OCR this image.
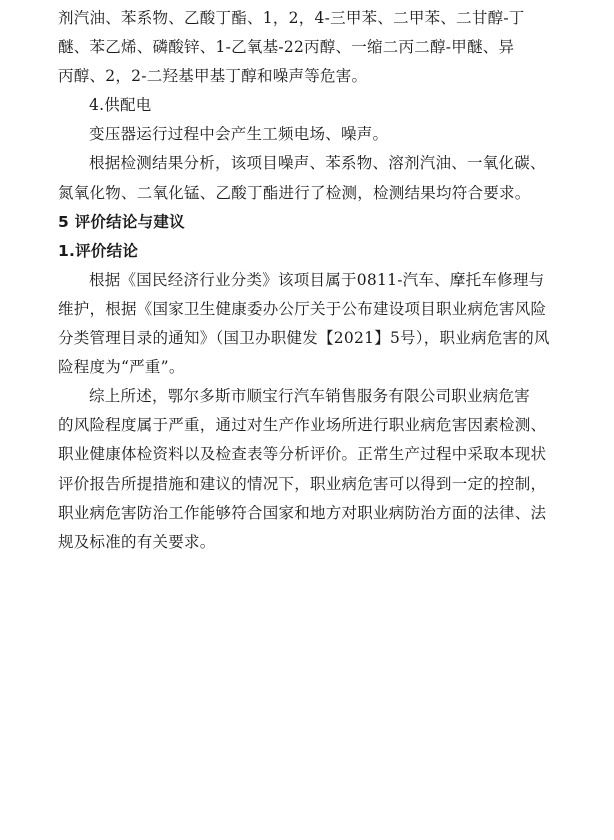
剂汽油、苯系物、乙酸丁酯、1，2，4-三甲苯、二甲苯、二甘醇-丁
醚、苯乙烯、磷酸锌、1-乙氧基-22丙醇、一缩二丙二醇-甲醚、异
丙醇、2，2-二羟基甲基丁醇和噪声等危害。
4.供配电
变压器运行过程中会产生工频电场、噪声。
根据检测结果分析，该项目噪声、苯系物、溶剂汽油、一氧化碳、
氮氧化物、二氧化锰、乙酸丁酯进行了检测，检测结果均符合要求。
5 评价结论与建议
1.评价结论
根据《国民经济行业分类》该项目属于0811-汽车、摩托车修理与
维护，根据《国家卫生健康委办公厅关于公布建设项目职业病危害风险
分类管理目录的通知》（国卫办职健发【2021】5号），职业病危害的风
险程度为“严重”。
综上所述，鄂尔多斯市顺宝行汽车销售服务有限公司职业病危害
的风险程度属于严重，通过对生产作业场所进行职业病危害因素检测、
职业健康体检资料以及检查表等分析评价。正常生产过程中采取本现状
评价报告所提措施和建议的情况下，职业病危害可以得到一定的控制，
职业病危害防治工作能够符合国家和地方对职业病防治方面的法律、法
规及标准的有关要求。
